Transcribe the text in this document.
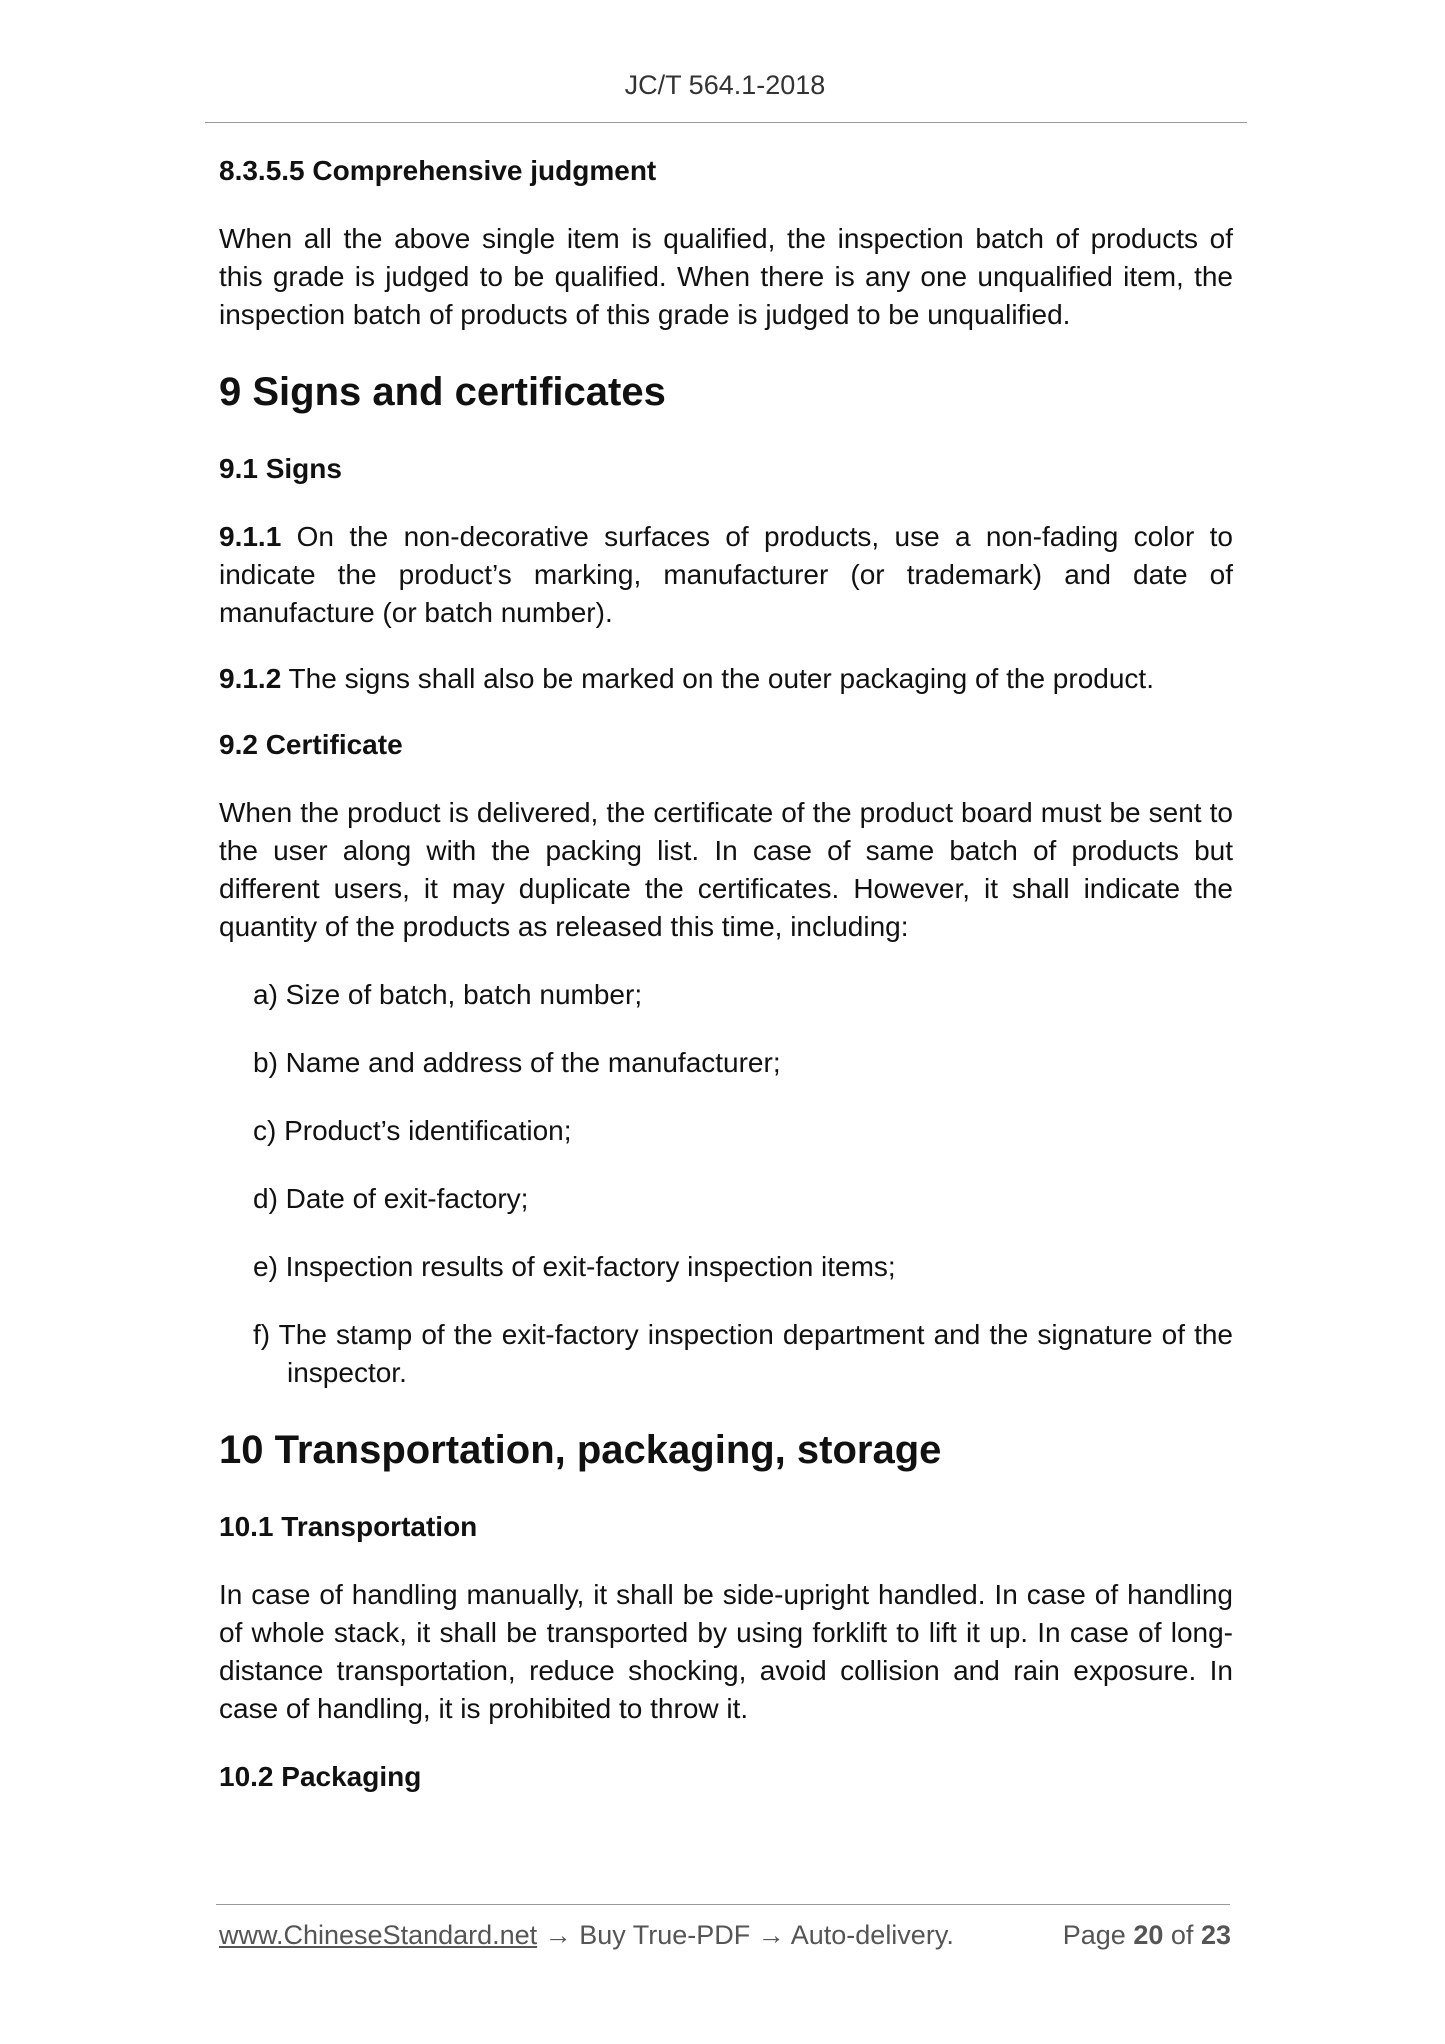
JC/T 564.1-2018

8.3.5.5 Comprehensive judgment

When all the above single item is qualified, the inspection batch of products of this grade is judged to be qualified. When there is any one unqualified item, the inspection batch of products of this grade is judged to be unqualified.

9 Signs and certificates

9.1 Signs

9.1.1 On the non-decorative surfaces of products, use a non-fading color to indicate the product’s marking, manufacturer (or trademark) and date of manufacture (or batch number).

9.1.2 The signs shall also be marked on the outer packaging of the product.

9.2 Certificate

When the product is delivered, the certificate of the product board must be sent to the user along with the packing list. In case of same batch of products but different users, it may duplicate the certificates. However, it shall indicate the quantity of the products as released this time, including:

a) Size of batch, batch number;

b) Name and address of the manufacturer;

c) Product’s identification;

d) Date of exit-factory;

e) Inspection results of exit-factory inspection items;

f) The stamp of the exit-factory inspection department and the signature of the inspector.

10 Transportation, packaging, storage

10.1 Transportation

In case of handling manually, it shall be side-upright handled. In case of handling of whole stack, it shall be transported by using forklift to lift it up. In case of long-distance transportation, reduce shocking, avoid collision and rain exposure. In case of handling, it is prohibited to throw it.

10.2 Packaging

www.ChineseStandard.net → Buy True-PDF → Auto-delivery.	Page 20 of 23
